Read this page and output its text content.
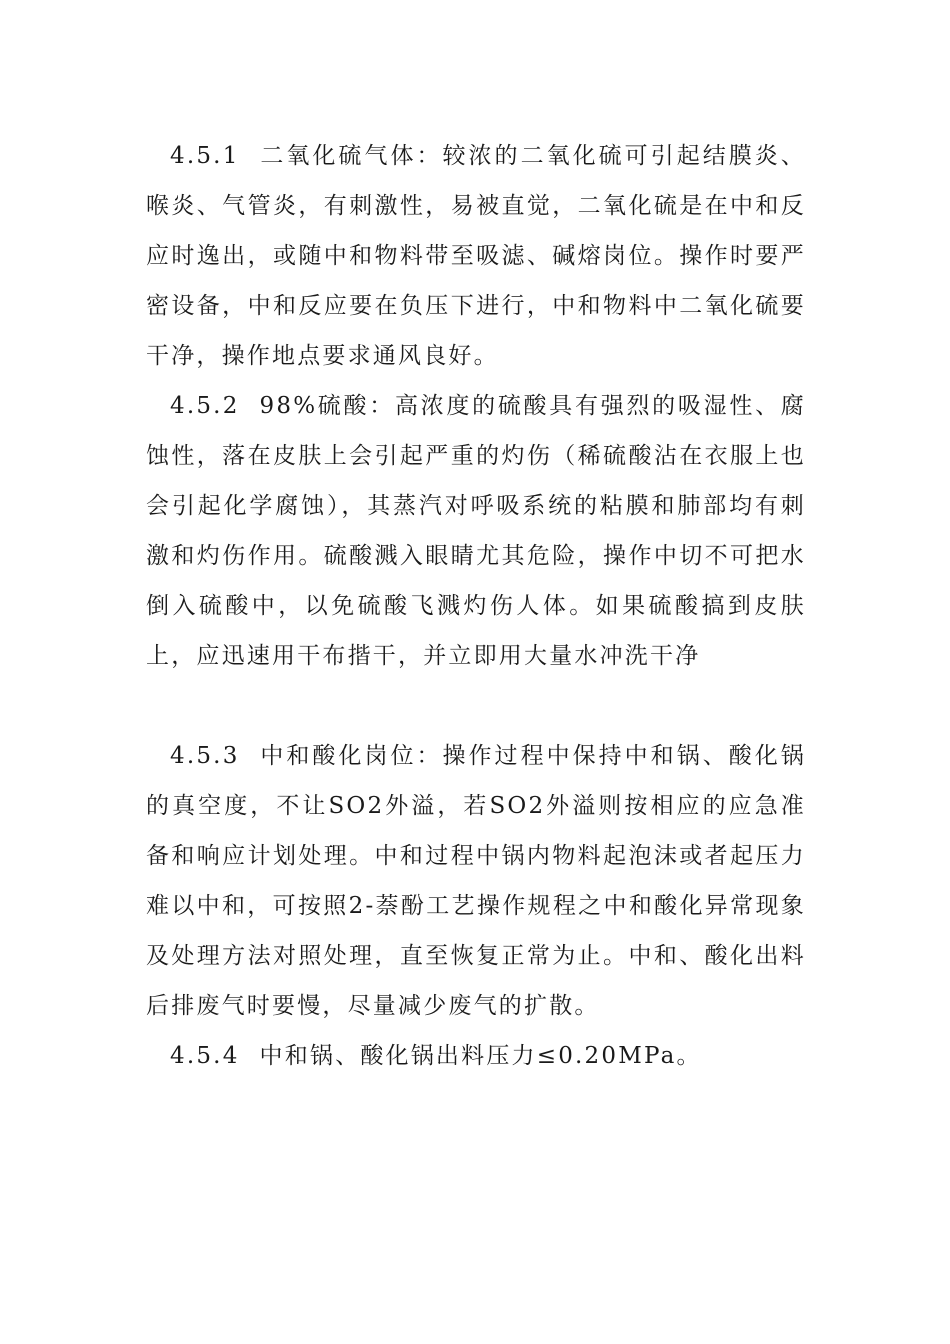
4.5.1 二氧化硫气体：较浓的二氧化硫可引起结膜炎、喉炎、气管炎，有刺激性，易被直觉，二氧化硫是在中和反应时逸出，或随中和物料带至吸滤、碱熔岗位。操作时要严密设备，中和反应要在负压下进行，中和物料中二氧化硫要干净，操作地点要求通风良好。

4.5.2 98%硫酸：高浓度的硫酸具有强烈的吸湿性、腐蚀性，落在皮肤上会引起严重的灼伤（稀硫酸沾在衣服上也会引起化学腐蚀），其蒸汽对呼吸系统的粘膜和肺部均有刺激和灼伤作用。硫酸溅入眼睛尤其危险，操作中切不可把水倒入硫酸中，以免硫酸飞溅灼伤人体。如果硫酸搞到皮肤上，应迅速用干布揩干，并立即用大量水冲洗干净

4.5.3 中和酸化岗位：操作过程中保持中和锅、酸化锅的真空度，不让SO2外溢，若SO2外溢则按相应的应急准备和响应计划处理。中和过程中锅内物料起泡沫或者起压力难以中和，可按照2-萘酚工艺操作规程之中和酸化异常现象及处理方法对照处理，直至恢复正常为止。中和、酸化出料后排废气时要慢，尽量减少废气的扩散。

4.5.4 中和锅、酸化锅出料压力≤0.20MPa。
